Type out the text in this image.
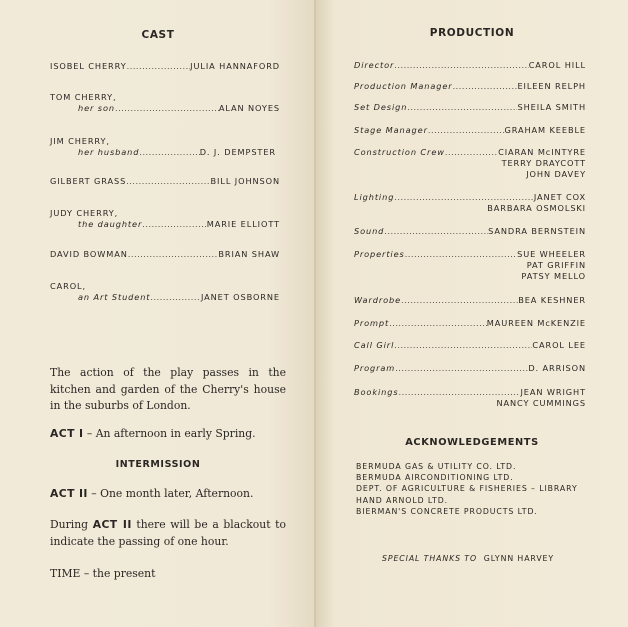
CAST
ISOBEL CHERRY .....	JULIA HANNAFORD
TOM CHERRY,
her son .....	ALAN NOYES
JIM CHERRY,
her husband .....	D. J. DEMPSTER
GILBERT GRASS .....	BILL JOHNSON
JUDY CHERRY,
the daughter .....	MARIE ELLIOTT
DAVID BOWMAN .....	BRIAN SHAW
CAROL,
an Art Student .....	JANET OSBORNE
The action of the play passes in the kitchen and garden of the Cherry's house in the suburbs of London.
ACT I – An afternoon in early Spring.
INTERMISSION
ACT II – One month later, Afternoon.
During ACT II there will be a blackout to indicate the passing of one hour.
TIME – the present
PRODUCTION
Director .....	CAROL HILL
Production Manager .....	EILEEN RELPH
Set Design .....	SHEILA SMITH
Stage Manager .....	GRAHAM KEEBLE
Construction Crew .....	CIARAN McINTYRE
TERRY DRAYCOTT
JOHN DAVEY
Lighting .....	JANET COX
BARBARA OSMOLSKI
Sound .....	SANDRA BERNSTEIN
Properties .....	SUE WHEELER
PAT GRIFFIN
PATSY MELLO
Wardrobe .....	BEA KESHNER
Prompt .....	MAUREEN McKENZIE
Call Girl .....	CAROL LEE
Program .....	D. ARRISON
Bookings .....	JEAN WRIGHT
NANCY CUMMINGS
ACKNOWLEDGEMENTS
BERMUDA GAS & UTILITY CO. LTD.
BERMUDA AIRCONDITIONING LTD.
DEPT. OF AGRICULTURE & FISHERIES – LIBRARY
HAND ARNOLD LTD.
BIERMAN'S CONCRETE PRODUCTS LTD.
SPECIAL THANKS TO GLYNN HARVEY
